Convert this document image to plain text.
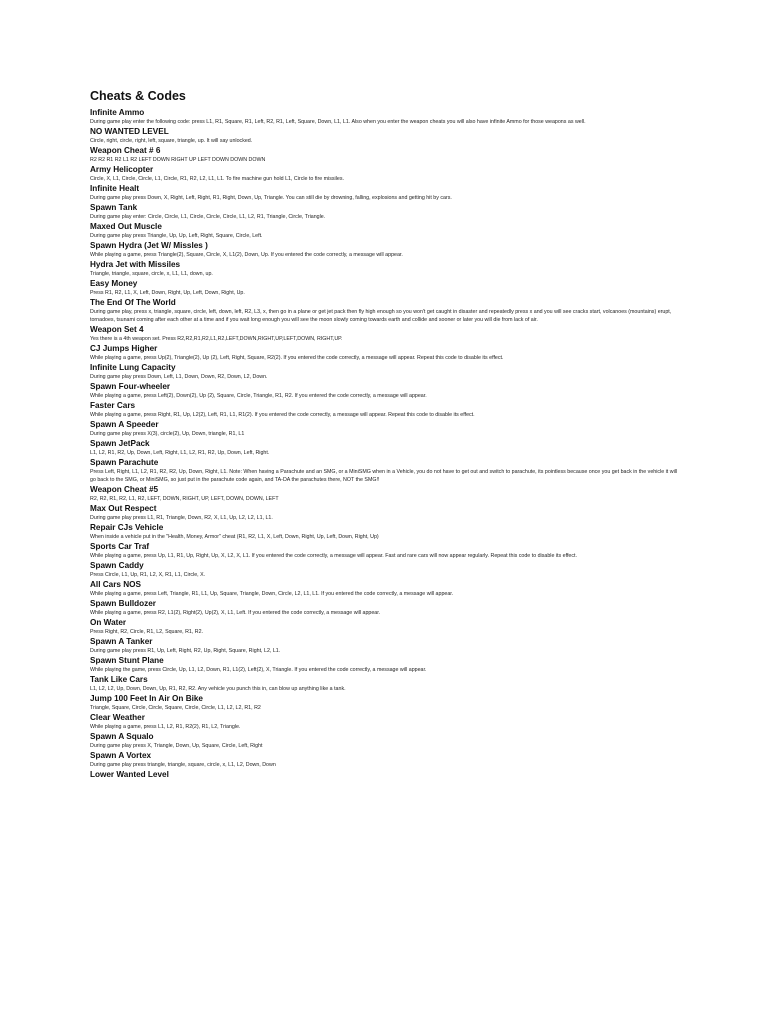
Cheats & Codes
Infinite Ammo
During game play enter the following code: press L1, R1, Square, R1, Left, R2, R1, Left, Square, Down, L1, L1. Also when you enter the weapon cheats you will also have infinite Ammo for those weapons as well.
NO WANTED LEVEL
Circle, right, circle, right, left, square, triangle, up. It will say unlocked.
Weapon Cheat # 6
R2 R2 R1 R2 L1 R2 LEFT DOWN RIGHT UP LEFT DOWN DOWN DOWN
Army Helicopter
Circle, X, L1, Circle, Circle, L1, Circle, R1, R2, L2, L1, L1. To fire machine gun hold L1, Circle to fire missiles.
Infinite Healt
During game play press Down, X, Right, Left, Right, R1, Right, Down, Up, Triangle. You can still die by drowning, falling, explosions and getting hit by cars.
Spawn Tank
During game play enter: Circle, Circle, L1, Circle, Circle, Circle, L1, L2, R1, Triangle, Circle, Triangle.
Maxed Out Muscle
During game play press Triangle, Up, Up, Left, Right, Square, Circle, Left.
Spawn Hydra (Jet W/ Missles )
While playing a game, press Triangle(2), Square, Circle, X, L1(2), Down, Up. If you entered the code correctly, a message will appear.
Hydra Jet with Missiles
Triangle, triangle, square, circle, x, L1, L1, down, up.
Easy Money
Press R1, R2, L1, X, Left, Down, Right, Up, Left, Down, Right, Up.
The End Of The World
During game play, press x, triangle, square, circle, left, down, left, R2, L3, x, then go in a plane or get jet pack then fly high enough so you won't get caught in disaster and repeatedly press x and you will see cracks start, volcanoes (mountains) erupt, tornadoes, tsunami coming after each other at a time and if you wait long enough you will see the moon slowly coming towards earth and collide and sooner or later you will die from lack of air.
Weapon Set 4
Yes there is a 4th weapon set. Press R2,R2,R1,R2,L1,R2,LEFT,DOWN,RIGHT,UP,LEFT,DOWN, RIGHT,UP.
CJ Jumps Higher
While playing a game, press Up(2), Triangle(2), Up (2), Left, Right, Square, R2(2). If you entered the code correctly, a message will appear. Repeat this code to disable its effect.
Infinite Lung Capacity
During game play press Down, Left, L1, Down, Down, R2, Down, L2, Down.
Spawn Four-wheeler
While playing a game, press Left(2), Down(2), Up (2), Square, Circle, Triangle, R1, R2. If you entered the code correctly, a message will appear.
Faster Cars
While playing a game, press Right, R1, Up, L2(2), Left, R1, L1, R1(2). If you entered the code correctly, a message will appear. Repeat this code to disable its effect.
Spawn A Speeder
During game play press X(3), circle(2), Up, Down, triangle, R1, L1
Spawn JetPack
L1, L2, R1, R2, Up, Down, Left, Right, L1, L2, R1, R2, Up, Down, Left, Right.
Spawn Parachute
Press Left, Right, L1, L2, R1, R2, R2, Up, Down, Right, L1. Note: When having a Parachute and an SMG, or a MiniSMG when in a Vehicle, you do not have to get out and switch to parachute, its pointless because once you get back in the vehicle it will go back to the SMG, or MiniSMG, so just put in the parachute code again, and TA-DA the parachutes there, NOT the SMG!!
Weapon Cheat #5
R2, R2, R1, R2, L1, R2, LEFT, DOWN, RIGHT, UP, LEFT, DOWN, DOWN, LEFT
Max Out Respect
During game play press L1, R1, Triangle, Down, R2, X, L1, Up, L2, L2, L1, L1.
Repair CJs Vehicle
When inside a vehicle put in the "Health, Money, Armor" cheat (R1, R2, L1, X, Left, Down, Right, Up, Left, Down, Right, Up)
Sports Car Traf
While playing a game, press Up, L1, R1, Up, Right, Up, X, L2, X, L1. If you entered the code correctly, a message will appear. Fast and rare cars will now appear regularly. Repeat this code to disable its effect.
Spawn Caddy
Press Circle, L1, Up, R1, L2, X, R1, L1, Circle, X.
All Cars NOS
While playing a game, press Left, Triangle, R1, L1, Up, Square, Triangle, Down, Circle, L2, L1, L1. If you entered the code correctly, a message will appear.
Spawn Bulldozer
While playing a game, press R2, L1(2), Right(2), Up(2), X, L1, Left. If you entered the code correctly, a message will appear.
On Water
Press Right, R2, Circle, R1, L2, Square, R1, R2.
Spawn A Tanker
During game play press R1, Up, Left, Right, R2, Up, Right, Square, Right, L2, L1.
Spawn Stunt Plane
While playing the game, press Circle, Up, L1, L2, Down, R1, L1(2), Left(2), X, Triangle. If you entered the code correctly, a message will appear.
Tank Like Cars
L1, L2, L2, Up, Down, Down, Up, R1, R2, R2. Any vehicle you punch this in, can blow up anything like a tank.
Jump 100 Feet In Air On Bike
Triangle, Square, Circle, Circle, Square, Circle, Circle, L1, L2, L2, R1, R2
Clear Weather
While playing a game, press L1, L2, R1, R2(2), R1, L2, Triangle.
Spawn A Squalo
During game play press X, Triangle, Down, Up, Square, Circle, Left, Right
Spawn A Vortex
During game play press triangle, triangle, square, circle, x, L1, L2, Down, Down
Lower Wanted Level
